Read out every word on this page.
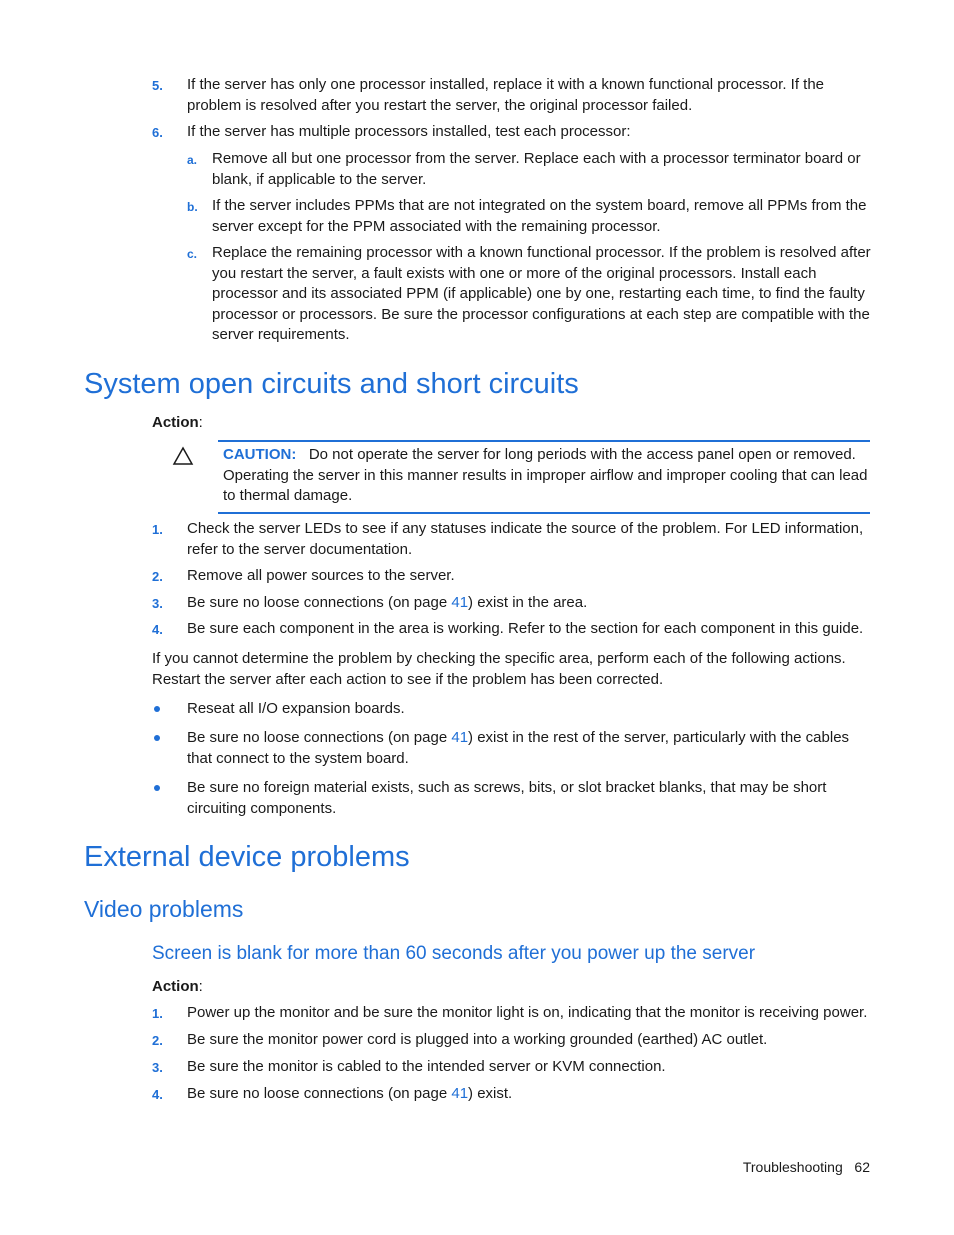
5. If the server has only one processor installed, replace it with a known functional processor. If the problem is resolved after you restart the server, the original processor failed.
6. If the server has multiple processors installed, test each processor:
a. Remove all but one processor from the server. Replace each with a processor terminator board or blank, if applicable to the server.
b. If the server includes PPMs that are not integrated on the system board, remove all PPMs from the server except for the PPM associated with the remaining processor.
c. Replace the remaining processor with a known functional processor. If the problem is resolved after you restart the server, a fault exists with one or more of the original processors. Install each processor and its associated PPM (if applicable) one by one, restarting each time, to find the faulty processor or processors. Be sure the processor configurations at each step are compatible with the server requirements.
System open circuits and short circuits
Action:
CAUTION: Do not operate the server for long periods with the access panel open or removed. Operating the server in this manner results in improper airflow and improper cooling that can lead to thermal damage.
1. Check the server LEDs to see if any statuses indicate the source of the problem. For LED information, refer to the server documentation.
2. Remove all power sources to the server.
3. Be sure no loose connections (on page 41) exist in the area.
4. Be sure each component in the area is working. Refer to the section for each component in this guide.
If you cannot determine the problem by checking the specific area, perform each of the following actions. Restart the server after each action to see if the problem has been corrected.
Reseat all I/O expansion boards.
Be sure no loose connections (on page 41) exist in the rest of the server, particularly with the cables that connect to the system board.
Be sure no foreign material exists, such as screws, bits, or slot bracket blanks, that may be short circuiting components.
External device problems
Video problems
Screen is blank for more than 60 seconds after you power up the server
Action:
1. Power up the monitor and be sure the monitor light is on, indicating that the monitor is receiving power.
2. Be sure the monitor power cord is plugged into a working grounded (earthed) AC outlet.
3. Be sure the monitor is cabled to the intended server or KVM connection.
4. Be sure no loose connections (on page 41) exist.
Troubleshooting 62
